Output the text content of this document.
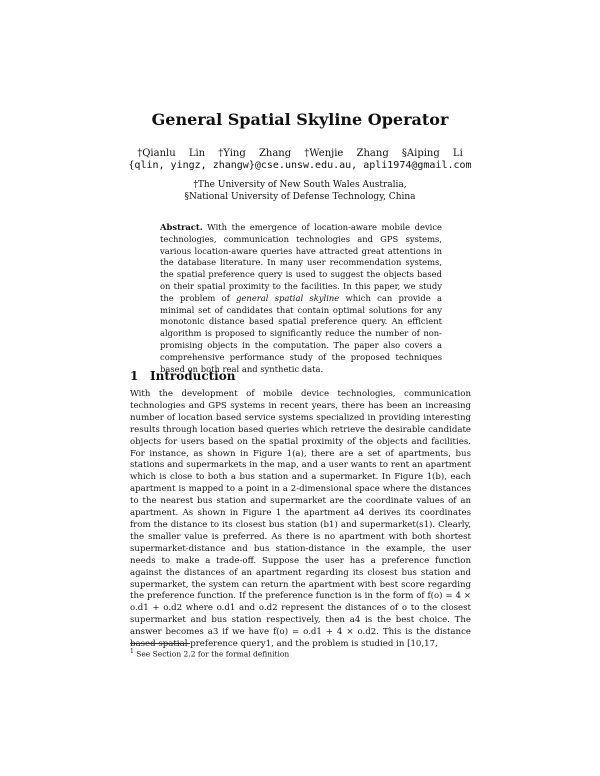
General Spatial Skyline Operator
†Qianlu Lin †Ying Zhang †Wenjie Zhang §Aiping Li
{qlin, yingz, zhangw}@cse.unsw.edu.au, apli1974@gmail.com
†The University of New South Wales Australia,
§National University of Defense Technology, China
Abstract. With the emergence of location-aware mobile device technologies, communication technologies and GPS systems, various location-aware queries have attracted great attentions in the database literature. In many user recommendation systems, the spatial preference query is used to suggest the objects based on their spatial proximity to the facilities. In this paper, we study the problem of general spatial skyline which can provide a minimal set of candidates that contain optimal solutions for any monotonic distance based spatial preference query. An efficient algorithm is proposed to significantly reduce the number of non-promising objects in the computation. The paper also covers a comprehensive performance study of the proposed techniques based on both real and synthetic data.
1 Introduction
With the development of mobile device technologies, communication technologies and GPS systems in recent years, there has been an increasing number of location based service systems specialized in providing interesting results through location based queries which retrieve the desirable candidate objects for users based on the spatial proximity of the objects and facilities. For instance, as shown in Figure 1(a), there are a set of apartments, bus stations and supermarkets in the map, and a user wants to rent an apartment which is close to both a bus station and a supermarket. In Figure 1(b), each apartment is mapped to a point in a 2-dimensional space where the distances to the nearest bus station and supermarket are the coordinate values of an apartment. As shown in Figure 1 the apartment a4 derives its coordinates from the distance to its closest bus station (b1) and supermarket(s1). Clearly, the smaller value is preferred. As there is no apartment with both shortest supermarket-distance and bus station-distance in the example, the user needs to make a trade-off. Suppose the user has a preference function against the distances of an apartment regarding its closest bus station and supermarket, the system can return the apartment with best score regarding the preference function. If the preference function is in the form of f(o) = 4 × o.d1 + o.d2 where o.d1 and o.d2 represent the distances of o to the closest supermarket and bus station respectively, then a4 is the best choice. The answer becomes a3 if we have f(o) = o.d1 + 4 × o.d2. This is the distance based spatial preference query1, and the problem is studied in [10,17,
$^1$ See Section 2.2 for the formal definition
